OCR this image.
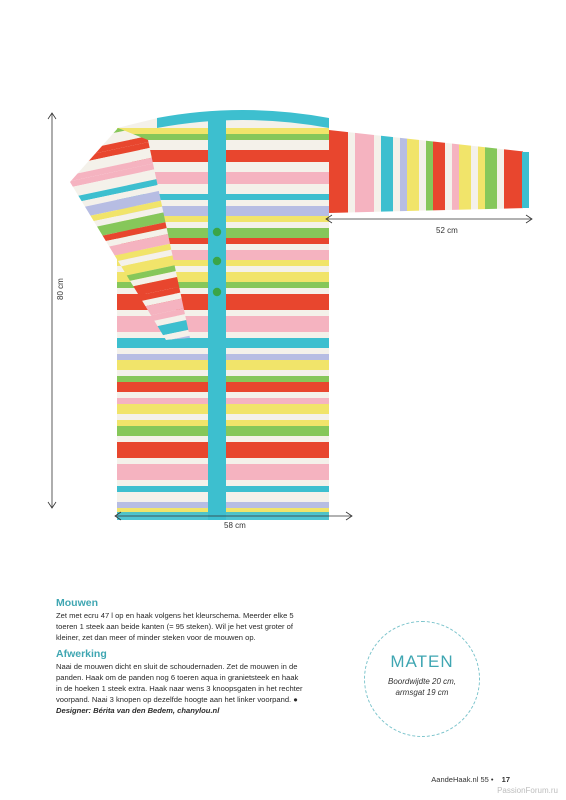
80 cm
52 cm
58 cm
Mouwen

Zet met ecru 47 l op en haak volgens het kleurschema. Meerder elke 5 toeren 1 steek aan beide kanten (= 95 steken). Wil je het vest groter of kleiner, zet dan meer of minder steken voor de mouwen op.

Afwerking

Naai de mouwen dicht en sluit de schoudernaden. Zet de mouwen in de panden. Haak om de panden nog 6 toeren aqua in granietsteek en haak in de hoeken 1 steek extra. Haak naar wens 3 knoopsgaten in het rechter voorpand. Naai 3 knopen op dezelfde hoogte aan het linker voorpand. ●

Designer: Bérita van den Bedem, chanylou.nl

MATEN
Boordwijdte 20 cm,
armsgat 19 cm
AandeHaak.nl 55 • 17
PassionForum.ru
